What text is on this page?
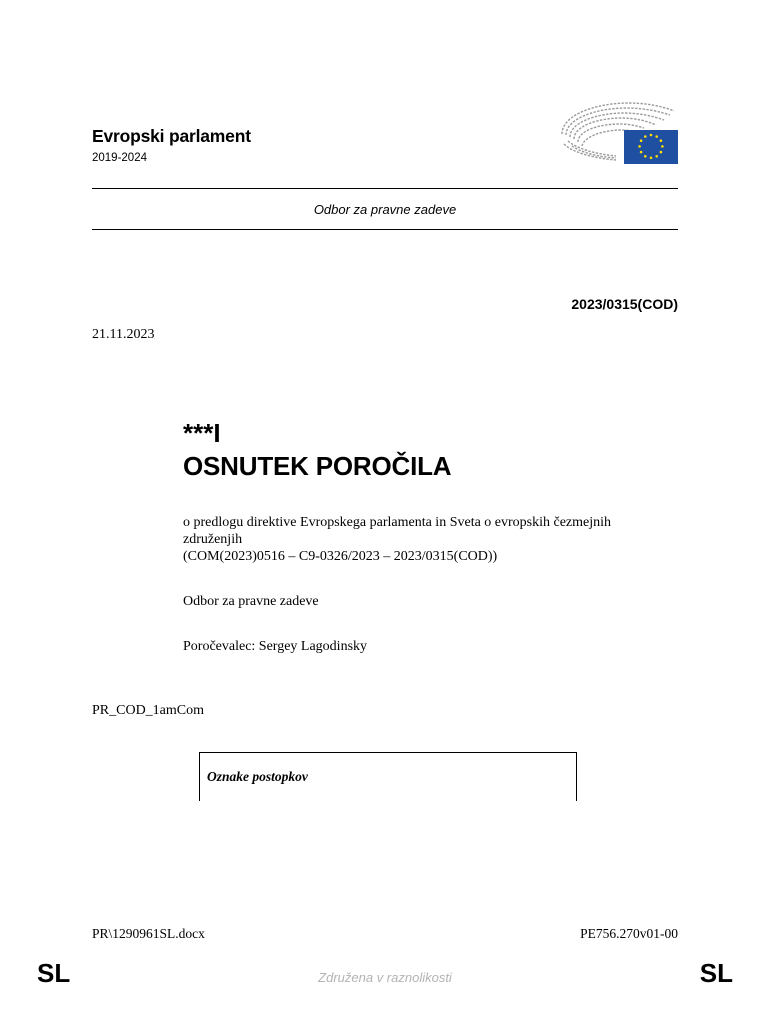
Evropski parlament
2019-2024
Odbor za pravne zadeve
2023/0315(COD)
21.11.2023
***I
OSNUTEK POROČILA
o predlogu direktive Evropskega parlamenta in Sveta o evropskih čezmejnih
združenjih
(COM(2023)0516 – C9-0326/2023 – 2023/0315(COD))
Odbor za pravne zadeve
Poročevalec: Sergey Lagodinsky
PR_COD_1amCom
Oznake postopkov
PR\1290961SL.docx	PE756.270v01-00
SL	Združena v raznolikosti	SL
